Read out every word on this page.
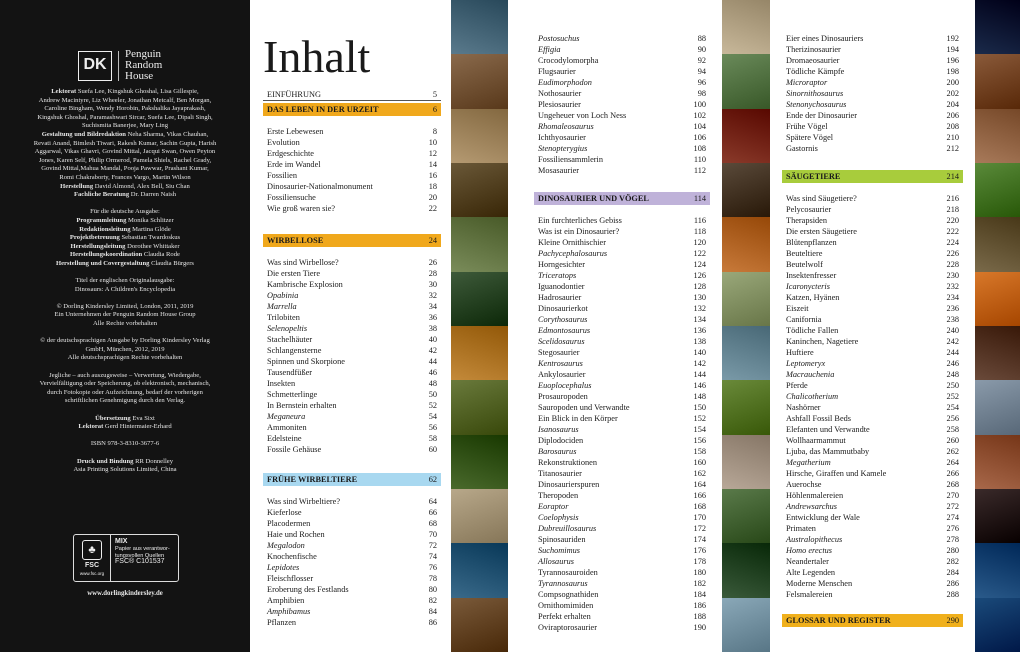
DK
Penguin
Random
House
Lektorat Suefa Lee, Kingshuk Ghoshal, Lisa Gillespie,
Andrew Macintyre, Liz Wheeler, Jonathan Metcalf, Ben Morgan,
Caroline Bingham, Wendy Horobin, Pakshalika Jayaprakash,
Kingshuk Ghoshal, Paramashwari Sircar, Suefa Lee, Dipali Singh,
Suchismita Banerjee, Mary Ling
Gestaltung und Bildredaktion Neha Sharma, Vikas Chauhan,
Revati Anand, Bimlesh Tiwari, Rakesh Kumar, Sachin Gupta, Harish
Aggarwal, Vikas Ghavri, Govind Mittal, Jacqui Swan, Owen Peyton
Jones, Karen Self, Philip Ormerod, Pamela Shiels, Rachel Grady,
Govind Mittal,Mahua Mandal, Pooja Pawwar, Prashant Kumar,
Romi Chakraborty, Frances Vargo, Martin Wilson
Herstellung David Almond, Alex Bell, Siu Chan
Fachliche Beratung Dr. Darren Naish
Für die deutsche Ausgabe:
Programmleitung Monika Schlitzer
Redaktionsleitung Martina Glöde
Projektbetreuung Sebastian Twardoskus
Herstellungsleitung Dorothee Whittaker
Herstellungskoordination Claudia Rode
Herstellung und Covergestaltung Claudia Bürgers
Titel der englischen Originalausgabe:
Dinosaurs: A Children's Encyclopedia
© Dorling Kindersley Limited, London, 2011, 2019
Ein Unternehmen der Penguin Random House Group
Alle Rechte vorbehalten
© der deutschsprachigen Ausgabe by Dorling Kindersley Verlag
GmbH, München, 2012, 2019
Alle deutschsprachigen Rechte vorbehalten
Jegliche – auch auszugsweise – Verwertung, Wiedergabe,
Vervielfältigung oder Speicherung, ob elektronisch, mechanisch,
durch Fotokopie oder Aufzeichnung, bedarf der vorherigen
schriftlichen Genehmigung durch den Verlag.
Übersetzung Eva Sixt
Lektorat Gerd Hintermaier-Erhard
ISBN 978-3-8310-3677-6
Druck und Bindung RR Donnelley
Asia Printing Solutions Limited, China
♣
FSC
www.fsc.org
MIX
Papier aus verantwor-
tungsvollen Quellen
FSC® C101537
www.dorlingkindersley.de
Inhalt
EINFÜHRUNG	5
DAS LEBEN IN DER URZEIT	6
Erste Lebewesen	8
Evolution	10
Erdgeschichte	12
Erde im Wandel	14
Fossilien	16
Dinosaurier-Nationalmonument	18
Fossiliensuche	20
Wie groß waren sie?	22
WIRBELLOSE	24
Was sind Wirbellose?	26
Die ersten Tiere	28
Kambrische Explosion	30
Opabinia	32
Marrella	34
Trilobiten	36
Selenopeltis	38
Stachelhäuter	40
Schlangensterne	42
Spinnen und Skorpione	44
Tausendfüßer	46
Insekten	48
Schmetterlinge	50
In Bernstein erhalten	52
Meganeura	54
Ammoniten	56
Edelsteine	58
Fossile Gehäuse	60
FRÜHE WIRBELTIERE	62
Was sind Wirbeltiere?	64
Kieferlose	66
Placodermen	68
Haie und Rochen	70
Megalodon	72
Knochenfische	74
Lepidotes	76
Fleischflosser	78
Eroberung des Festlands	80
Amphibien	82
Amphibamus	84
Pflanzen	86
Postosuchus	88
Effigia	90
Crocodylomorpha	92
Flugsaurier	94
Eudimorphodon	96
Nothosaurier	98
Plesiosaurier	100
Ungeheuer von Loch Ness	102
Rhomaleosaurus	104
Ichthyosaurier	106
Stenopterygius	108
Fossiliensammlerin	110
Mosasaurier	112
DINOSAURIER UND VÖGEL	114
Ein furchterliches Gebiss	116
Was ist ein Dinosaurier?	118
Kleine Ornithischier	120
Pachycephalosaurus	122
Horngesichter	124
Triceratops	126
Iguanodontier	128
Hadrosaurier	130
Dinosaurierkot	132
Corythosaurus	134
Edmontosaurus	136
Scelidosaurus	138
Stegosaurier	140
Kentrosaurus	142
Ankylosaurier	144
Euoplocephalus	146
Prosauropoden	148
Sauropoden und Verwandte	150
Ein Blick in den Körper	152
Isanosaurus	154
Diplodociden	156
Barosaurus	158
Rekonstruktionen	160
Titanosaurier	162
Dinosaurierspuren	164
Theropoden	166
Eoraptor	168
Coelophysis	170
Dubreuillosaurus	172
Spinosauriden	174
Suchomimus	176
Allosaurus	178
Tyrannosauroiden	180
Tyrannosaurus	182
Compsognathiden	184
Ornithomimiden	186
Perfekt erhalten	188
Oviraptorosaurier	190
Eier eines Dinosauriers	192
Therizinosaurier	194
Dromaeosaurier	196
Tödliche Kämpfe	198
Microraptor	200
Sinornithosaurus	202
Stenonychosaurus	204
Ende der Dinosaurier	206
Frühe Vögel	208
Spätere Vögel	210
Gastornis	212
SÄUGETIERE	214
Was sind Säugetiere?	216
Pelycosaurier	218
Therapsiden	220
Die ersten Säugetiere	222
Blütenpflanzen	224
Beuteltiere	226
Beutelwolf	228
Insektenfresser	230
Icaronycteris	232
Katzen, Hyänen	234
Eiszeit	236
Canifornia	238
Tödliche Fallen	240
Kaninchen, Nagetiere	242
Huftiere	244
Leptomeryx	246
Macrauchenia	248
Pferde	250
Chalicotherium	252
Nashörner	254
Ashfall Fossil Beds	256
Elefanten und Verwandte	258
Wollhaarmammut	260
Ljuba, das Mammutbaby	262
Megatherium	264
Hirsche, Giraffen und Kamele	266
Auerochse	268
Höhlenmalereien	270
Andrewsarchus	272
Entwicklung der Wale	274
Primaten	276
Australopithecus	278
Homo erectus	280
Neandertaler	282
Alte Legenden	284
Moderne Menschen	286
Felsmalereien	288
GLOSSAR UND REGISTER	290
